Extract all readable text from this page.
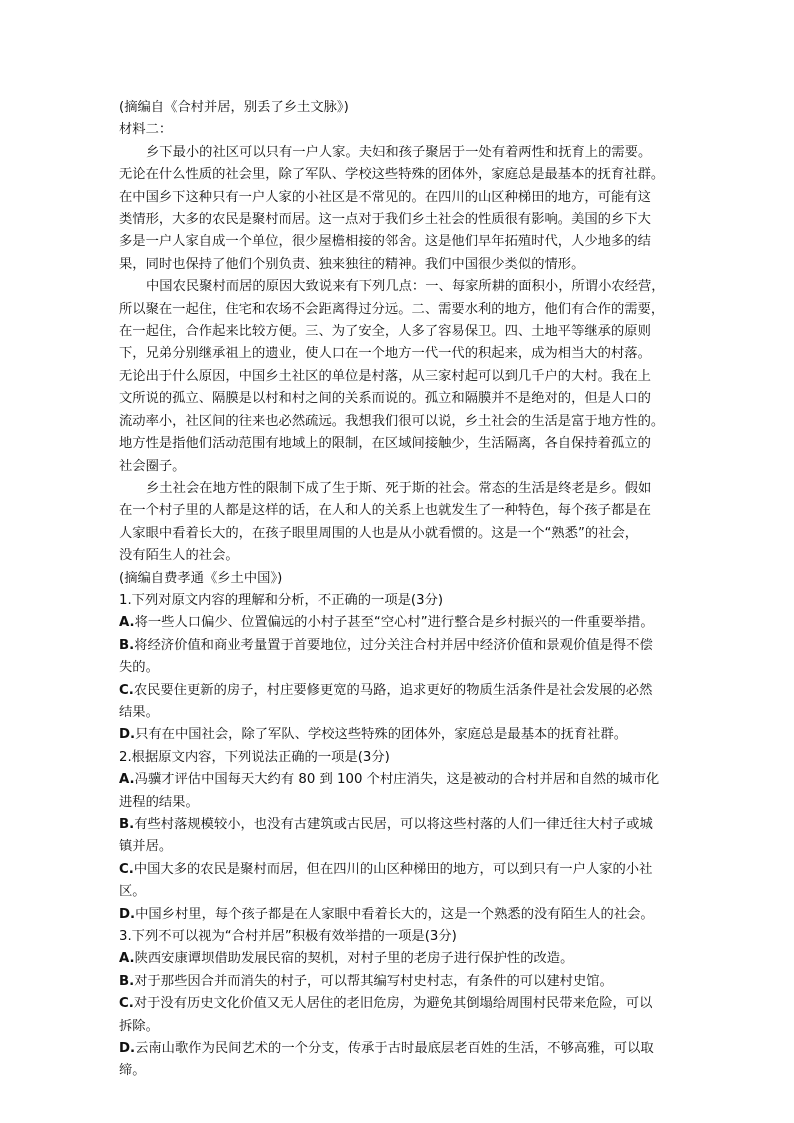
(摘编自《合村并居，别丢了乡土文脉》)
材料二：
乡下最小的社区可以只有一户人家。夫妇和孩子聚居于一处有着两性和抚育上的需要。
无论在什么性质的社会里，除了军队、学校这些特殊的团体外，家庭总是最基本的抚育社群。
在中国乡下这种只有一户人家的小社区是不常见的。在四川的山区种梯田的地方，可能有这
类情形，大多的农民是聚村而居。这一点对于我们乡土社会的性质很有影响。美国的乡下大
多是一户人家自成一个单位，很少屋檐相接的邻舍。这是他们早年拓殖时代，人少地多的结
果，同时也保持了他们个别负责、独来独往的精神。我们中国很少类似的情形。
中国农民聚村而居的原因大致说来有下列几点：一、每家所耕的面积小，所谓小农经营，
所以聚在一起住，住宅和农场不会距离得过分远。二、需要水利的地方，他们有合作的需要，
在一起住，合作起来比较方便。三、为了安全，人多了容易保卫。四、土地平等继承的原则
下，兄弟分别继承祖上的遗业，使人口在一个地方一代一代的积起来，成为相当大的村落。
无论出于什么原因，中国乡土社区的单位是村落，从三家村起可以到几千户的大村。我在上
文所说的孤立、隔膜是以村和村之间的关系而说的。孤立和隔膜并不是绝对的，但是人口的
流动率小，社区间的往来也必然疏远。我想我们很可以说，乡土社会的生活是富于地方性的。
地方性是指他们活动范围有地域上的限制，在区域间接触少，生活隔离，各自保持着孤立的
社会圈子。
乡土社会在地方性的限制下成了生于斯、死于斯的社会。常态的生活是终老是乡。假如
在一个村子里的人都是这样的话，在人和人的关系上也就发生了一种特色，每个孩子都是在
人家眼中看着长大的，在孩子眼里周围的人也是从小就看惯的。这是一个“熟悉”的社会，
没有陌生人的社会。
(摘编自费孝通《乡土中国》)
1.下列对原文内容的理解和分析，不正确的一项是(3分)
A.将一些人口偏少、位置偏远的小村子甚至“空心村”进行整合是乡村振兴的一件重要举措。
B.将经济价值和商业考量置于首要地位，过分关注合村并居中经济价值和景观价值是得不偿
失的。
C.农民要住更新的房子，村庄要修更宽的马路，追求更好的物质生活条件是社会发展的必然
结果。
D.只有在中国社会，除了军队、学校这些特殊的团体外，家庭总是最基本的抚育社群。
2.根据原文内容，下列说法正确的一项是(3分)
A.冯骥才评估中国每天大约有 80 到 100 个村庄消失，这是被动的合村并居和自然的城市化
进程的结果。
B.有些村落规模较小，也没有古建筑或古民居，可以将这些村落的人们一律迁往大村子或城
镇并居。
C.中国大多的农民是聚村而居，但在四川的山区种梯田的地方，可以到只有一户人家的小社
区。
D.中国乡村里，每个孩子都是在人家眼中看着长大的，这是一个熟悉的没有陌生人的社会。
3.下列不可以视为“合村并居”积极有效举措的一项是(3分)
A.陕西安康谭坝借助发展民宿的契机，对村子里的老房子进行保护性的改造。
B.对于那些因合并而消失的村子，可以帮其编写村史村志，有条件的可以建村史馆。
C.对于没有历史文化价值又无人居住的老旧危房，为避免其倒塌给周围村民带来危险，可以
拆除。
D.云南山歌作为民间艺术的一个分支，传承于古时最底层老百姓的生活，不够高雅，可以取
缔。
